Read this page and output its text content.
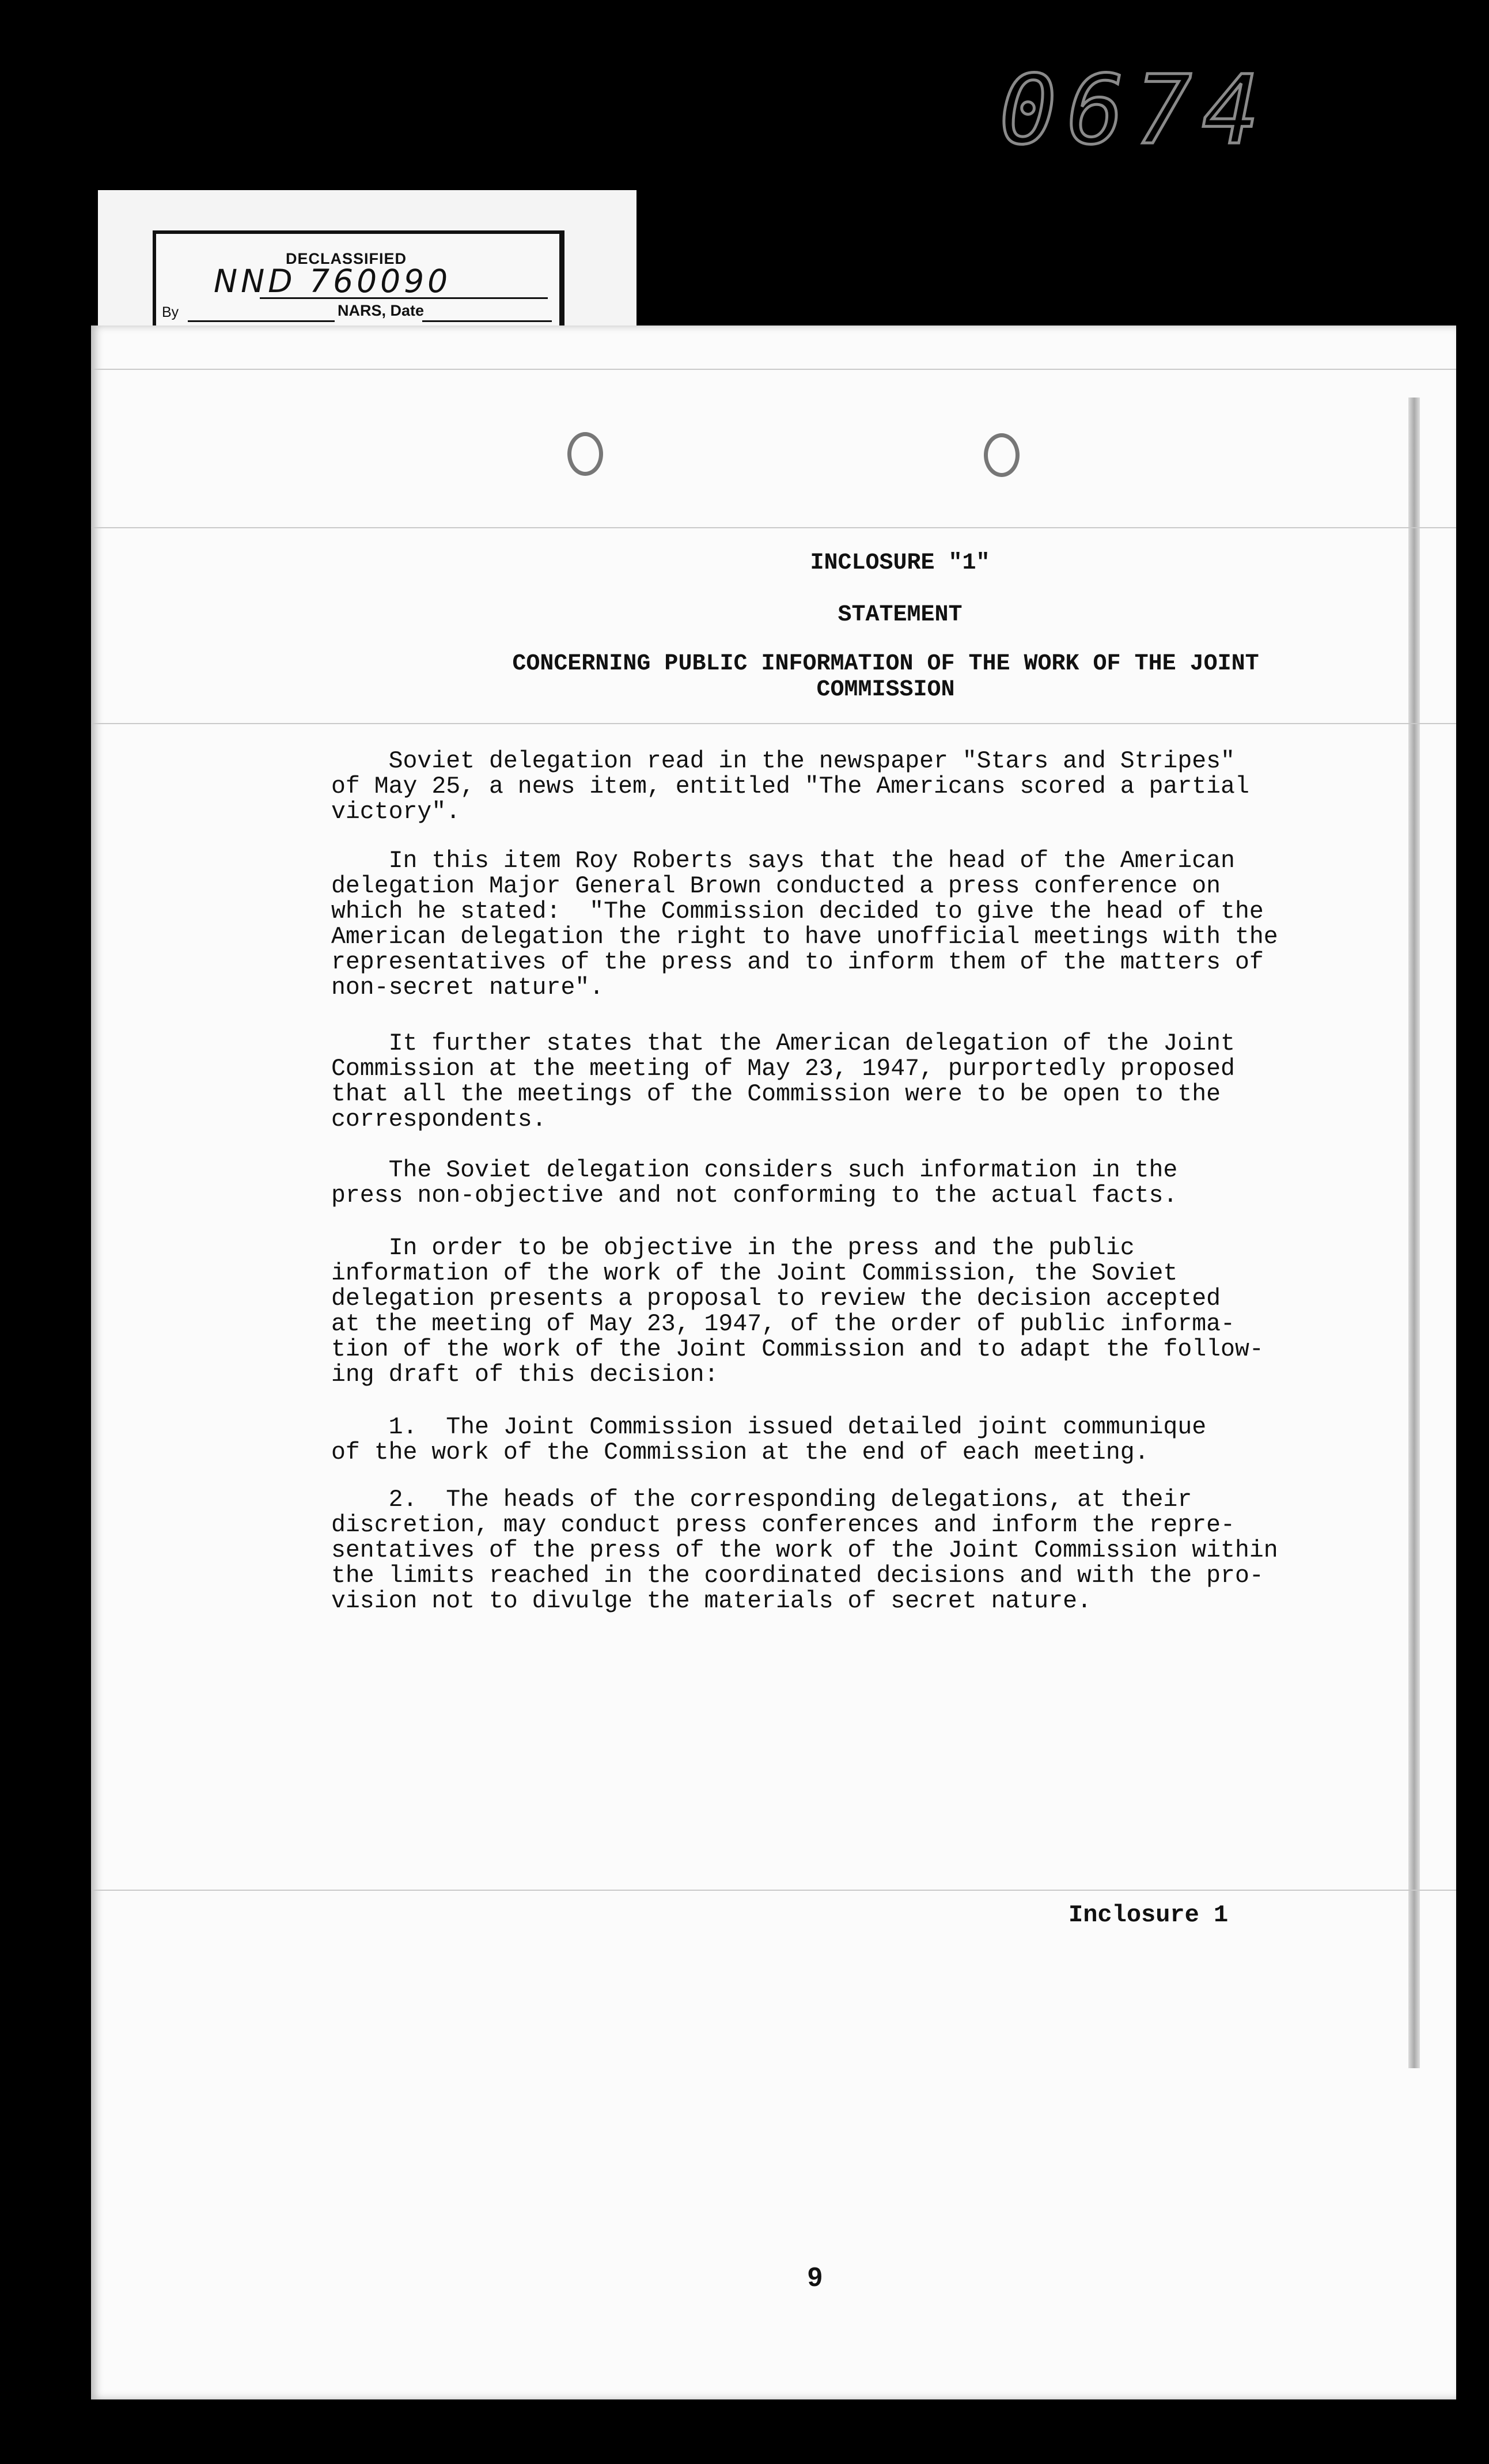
0674
DECLASSIFIED
NND 760090
By	NARS, Date
INCLOSURE "1"
STATEMENT
CONCERNING PUBLIC INFORMATION OF THE WORK OF THE JOINT
COMMISSION
Soviet delegation read in the newspaper "Stars and Stripes"
of May 25, a news item, entitled "The Americans scored a partial
victory".
In this item Roy Roberts says that the head of the American
delegation Major General Brown conducted a press conference on
which he stated:  "The Commission decided to give the head of the
American delegation the right to have unofficial meetings with the
representatives of the press and to inform them of the matters of
non-secret nature".
It further states that the American delegation of the Joint
Commission at the meeting of May 23, 1947, purportedly proposed
that all the meetings of the Commission were to be open to the
correspondents.
The Soviet delegation considers such information in the
press non-objective and not conforming to the actual facts.
In order to be objective in the press and the public
information of the work of the Joint Commission, the Soviet
delegation presents a proposal to review the decision accepted
at the meeting of May 23, 1947, of the order of public informa-
tion of the work of the Joint Commission and to adapt the follow-
ing draft of this decision:
1.  The Joint Commission issued detailed joint communique
of the work of the Commission at the end of each meeting.
2.  The heads of the corresponding delegations, at their
discretion, may conduct press conferences and inform the repre-
sentatives of the press of the work of the Joint Commission within
the limits reached in the coordinated decisions and with the pro-
vision not to divulge the materials of secret nature.
Inclosure 1
9
